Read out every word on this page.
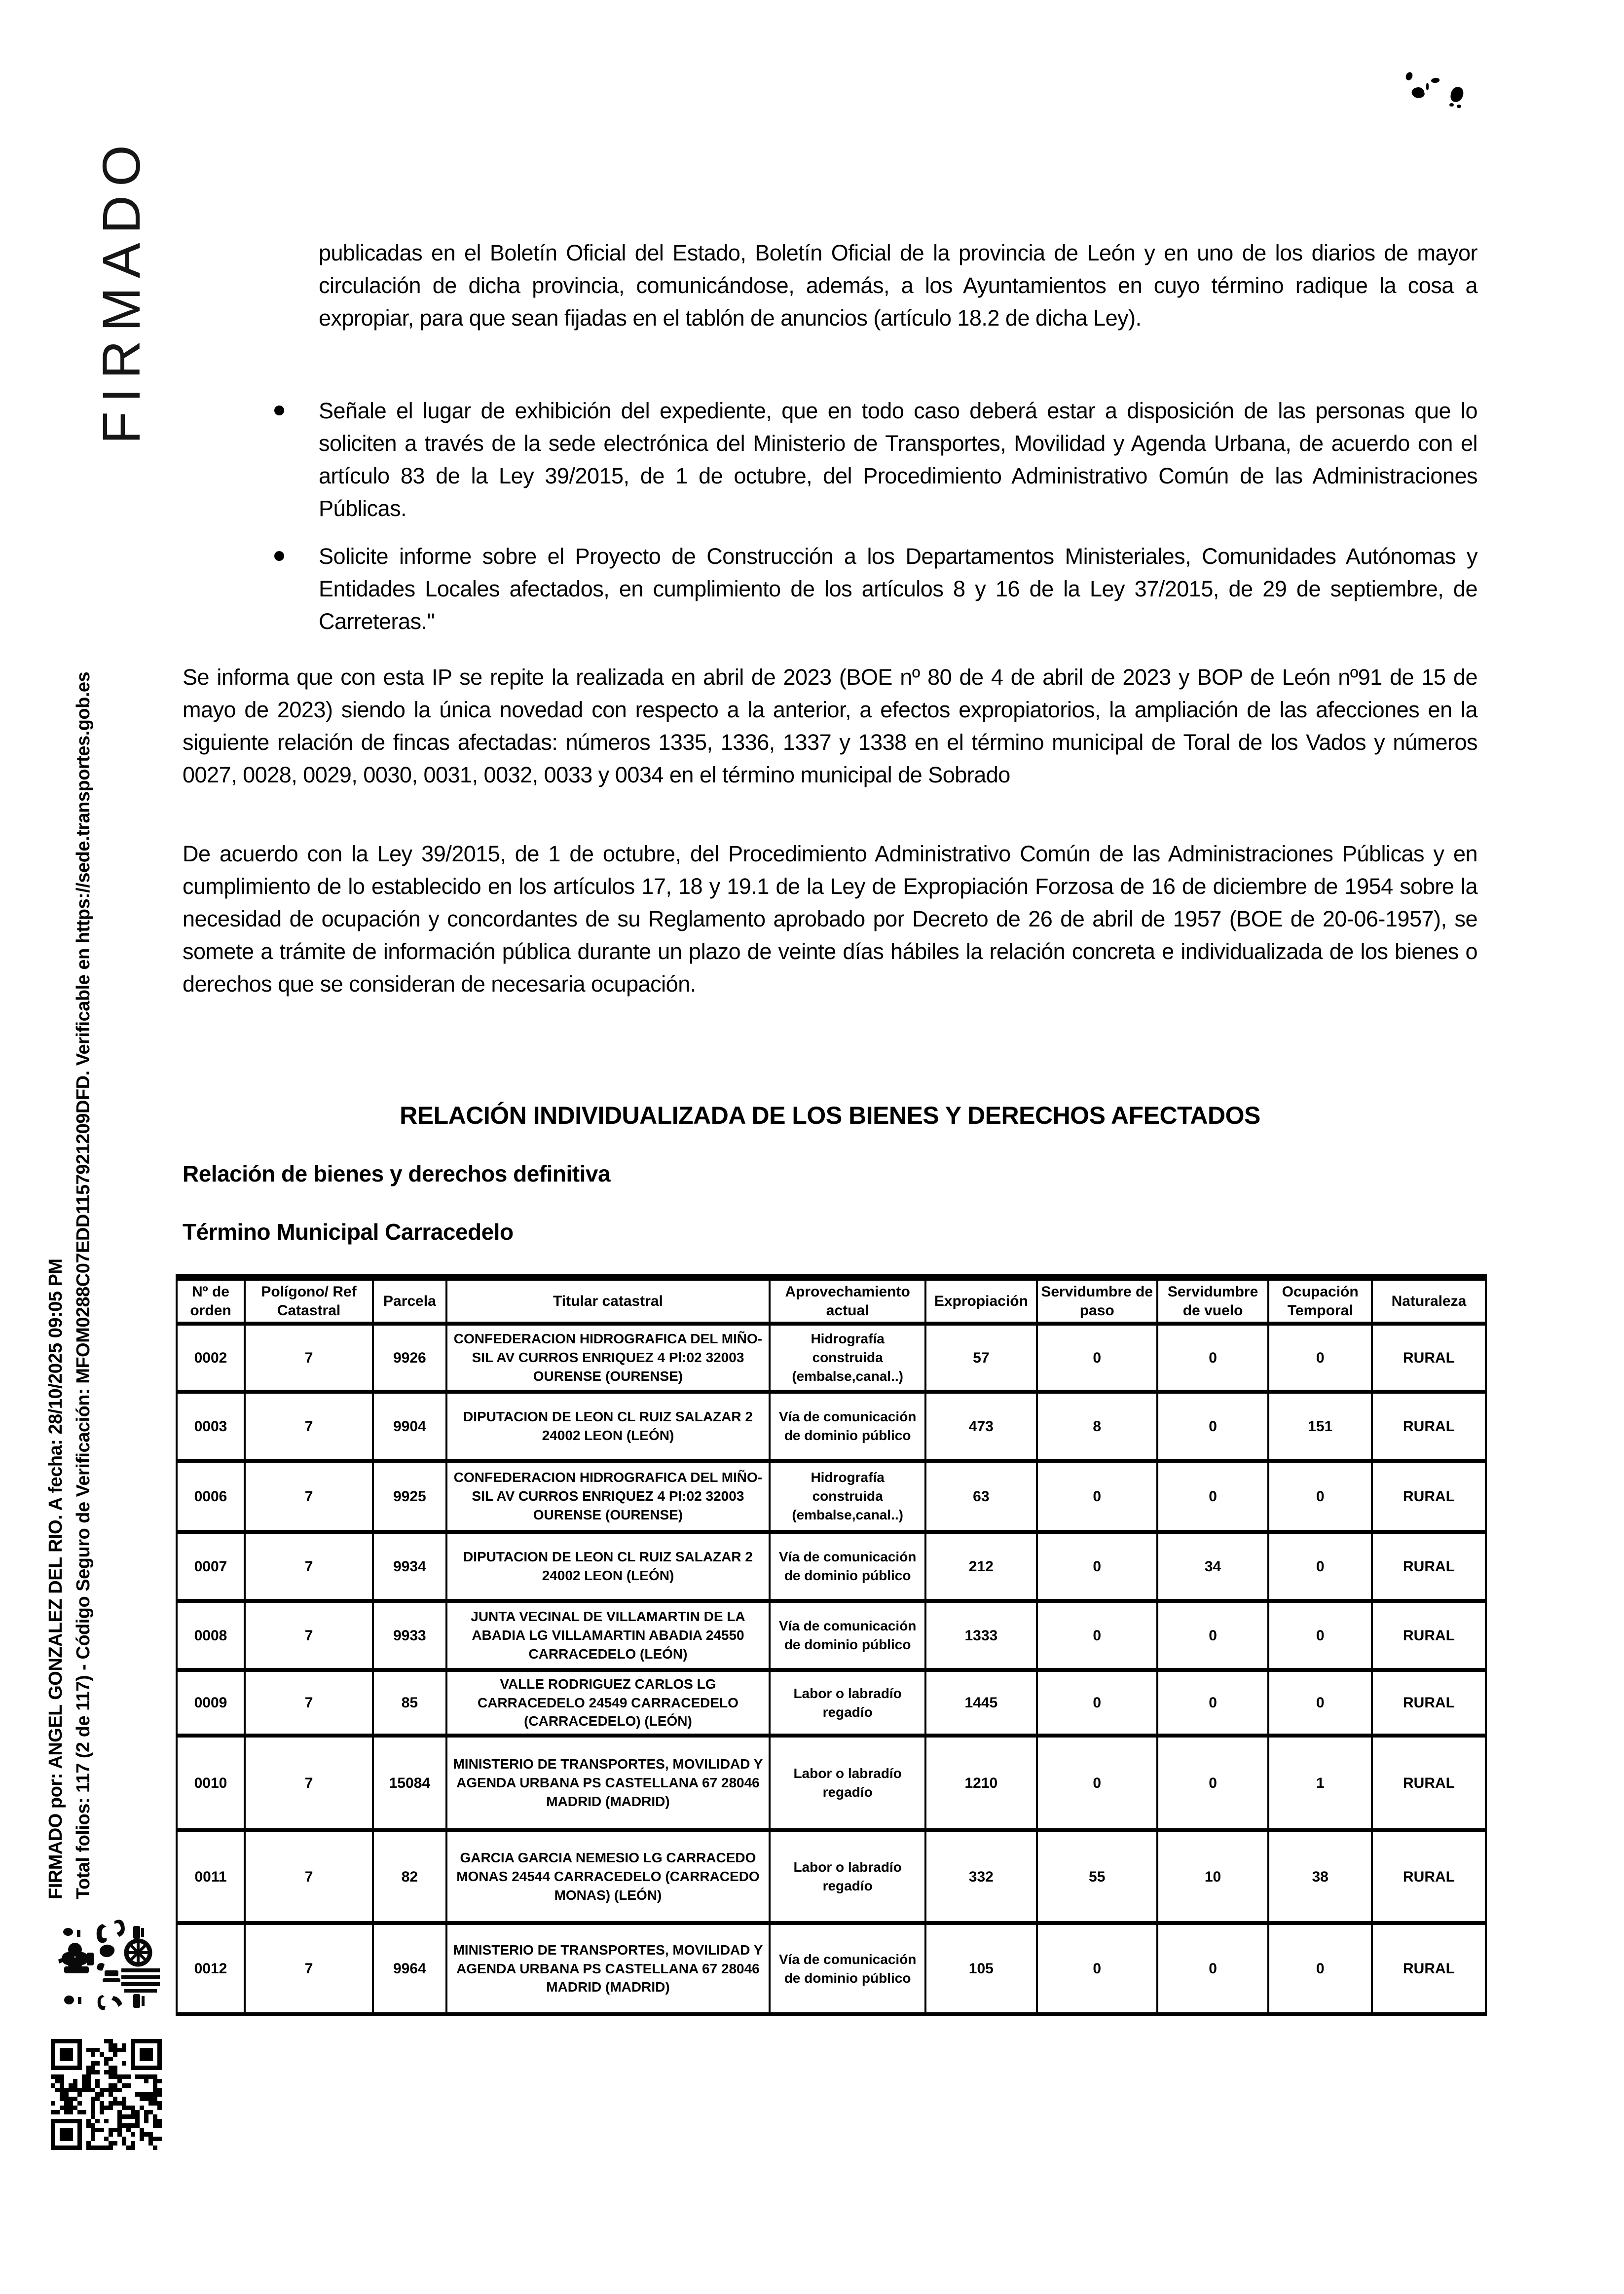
FIRMADO
FIRMADO por: ANGEL GONZALEZ DEL RIO. A fecha: 28/10/2025 09:05 PM Total folios: 117 (2 de 117) - Código Seguro de Verificación: MFOM0288C07EDD1157921209DFD. Verificable en https://sede.transportes.gob.es
publicadas en el Boletín Oficial del Estado, Boletín Oficial de la provincia de León y en uno de los diarios de mayor circulación de dicha provincia, comunicándose, además, a los Ayuntamientos en cuyo término radique la cosa a expropiar, para que sean fijadas en el tablón de anuncios (artículo 18.2 de dicha Ley).
Señale el lugar de exhibición del expediente, que en todo caso deberá estar a disposición de las personas que lo soliciten a través de la sede electrónica del Ministerio de Transportes, Movilidad y Agenda Urbana, de acuerdo con el artículo 83 de la Ley 39/2015, de 1 de octubre, del Procedimiento Administrativo Común de las Administraciones Públicas.
Solicite informe sobre el Proyecto de Construcción a los Departamentos Ministeriales, Comunidades Autónomas y Entidades Locales afectados, en cumplimiento de los artículos 8 y 16 de la Ley 37/2015, de 29 de septiembre, de Carreteras."
Se informa que con esta IP se repite la realizada en abril de 2023 (BOE nº 80 de 4 de abril de 2023 y BOP de León nº91 de 15 de mayo de 2023) siendo la única novedad con respecto a la anterior, a efectos expropiatorios, la ampliación de las afecciones en la siguiente relación de fincas afectadas: números 1335, 1336, 1337 y 1338 en el término municipal de Toral de los Vados y números 0027, 0028, 0029, 0030, 0031, 0032, 0033 y 0034 en el término municipal de Sobrado
De acuerdo con la Ley 39/2015, de 1 de octubre, del Procedimiento Administrativo Común de las Administraciones Públicas y en cumplimiento de lo establecido en los artículos 17, 18 y 19.1 de la Ley de Expropiación Forzosa de 16 de diciembre de 1954 sobre la necesidad de ocupación y concordantes de su Reglamento aprobado por Decreto de 26 de abril de 1957 (BOE de 20-06-1957), se somete a trámite de información pública durante un plazo de veinte días hábiles la relación concreta e individualizada de los bienes o derechos que se consideran de necesaria ocupación.
RELACIÓN INDIVIDUALIZADA DE LOS BIENES Y DERECHOS AFECTADOS
Relación de bienes y derechos definitiva
Término Municipal Carracedelo
Nº de orden	Polígono/ Ref Catastral	Parcela	Titular catastral	Aprovechamiento actual	Expropiación	Servidumbre de paso	Servidumbre de vuelo	Ocupación Temporal	Naturaleza
0002	7	9926	CONFEDERACION HIDROGRAFICA DEL MIÑO-SIL AV CURROS ENRIQUEZ 4 Pl:02 32003 OURENSE (OURENSE)	Hidrografía construida (embalse,canal..)	57	0	0	0	RURAL
0003	7	9904	DIPUTACION DE LEON CL RUIZ SALAZAR 2 24002 LEON (LEÓN)	Vía de comunicación de dominio público	473	8	0	151	RURAL
0006	7	9925	CONFEDERACION HIDROGRAFICA DEL MIÑO-SIL AV CURROS ENRIQUEZ 4 Pl:02 32003 OURENSE (OURENSE)	Hidrografía construida (embalse,canal..)	63	0	0	0	RURAL
0007	7	9934	DIPUTACION DE LEON CL RUIZ SALAZAR 2 24002 LEON (LEÓN)	Vía de comunicación de dominio público	212	0	34	0	RURAL
0008	7	9933	JUNTA VECINAL DE VILLAMARTIN DE LA ABADIA LG VILLAMARTIN ABADIA 24550 CARRACEDELO (LEÓN)	Vía de comunicación de dominio público	1333	0	0	0	RURAL
0009	7	85	VALLE RODRIGUEZ CARLOS LG CARRACEDELO 24549 CARRACEDELO (CARRACEDELO) (LEÓN)	Labor o labradío regadío	1445	0	0	0	RURAL
0010	7	15084	MINISTERIO DE TRANSPORTES, MOVILIDAD Y AGENDA URBANA PS CASTELLANA 67 28046 MADRID (MADRID)	Labor o labradío regadío	1210	0	0	1	RURAL
0011	7	82	GARCIA GARCIA NEMESIO LG CARRACEDO MONAS 24544 CARRACEDELO (CARRACEDO MONAS) (LEÓN)	Labor o labradío regadío	332	55	10	38	RURAL
0012	7	9964	MINISTERIO DE TRANSPORTES, MOVILIDAD Y AGENDA URBANA PS CASTELLANA 67 28046 MADRID (MADRID)	Vía de comunicación de dominio público	105	0	0	0	RURAL
